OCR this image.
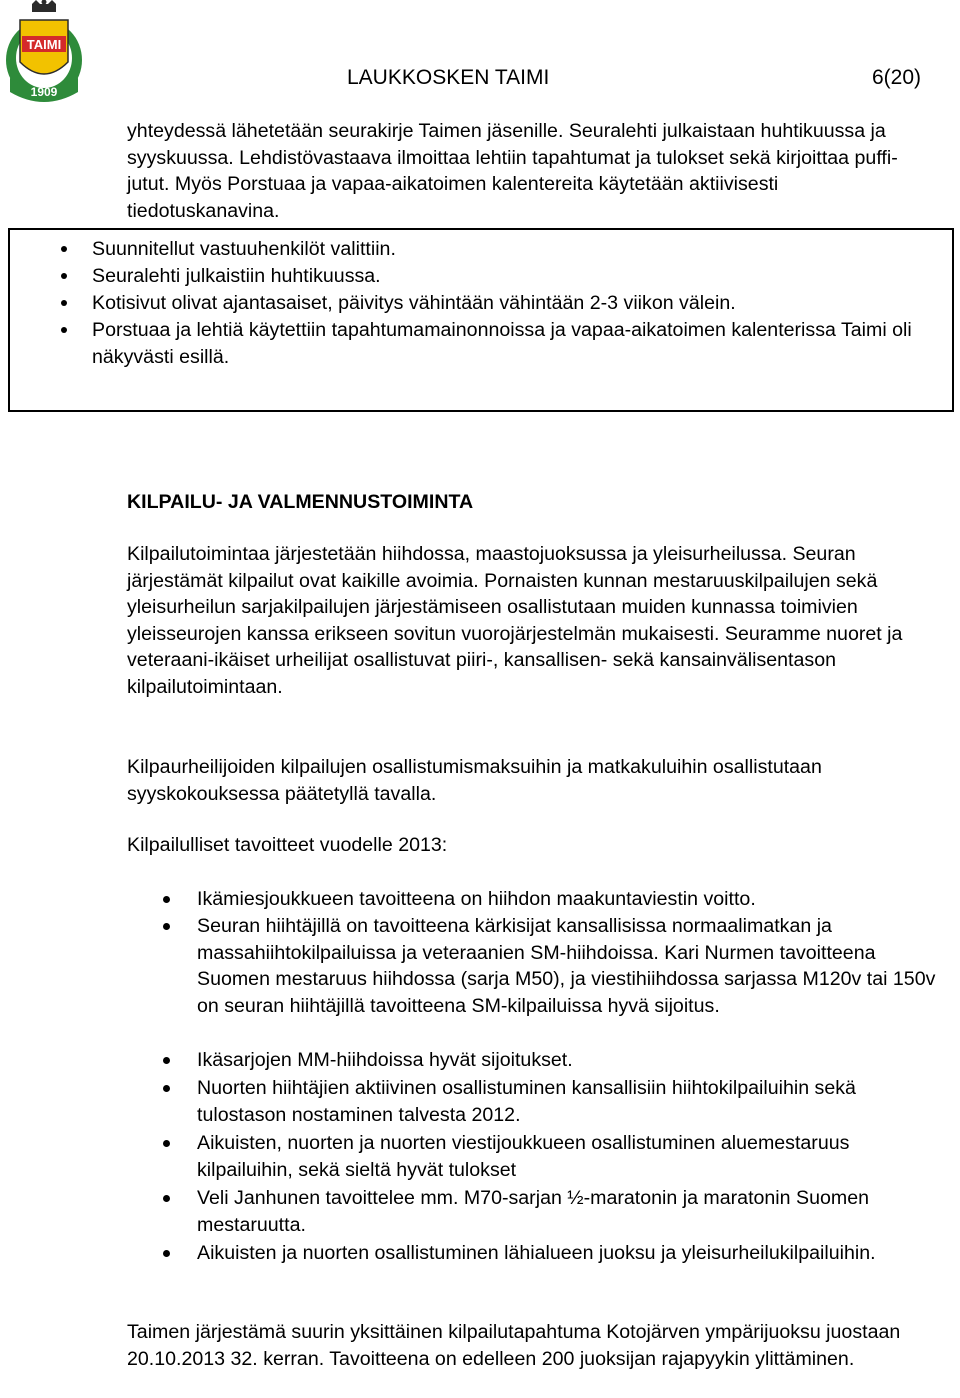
TAIMI
1909
LAUKKOSKEN TAIMI	6(20)

yhteydessä lähetetään seurakirje Taimen jäsenille. Seuralehti julkaistaan huhtikuussa ja syyskuussa. Lehdistövastaava ilmoittaa lehtiin tapahtumat ja tulokset sekä kirjoittaa puffi-jutut. Myös Porstuaa ja vapaa-aikatoimen kalentereita käytetään aktiivisesti tiedotuskanavina.

Suunnitellut vastuuhenkilöt valittiin.

Seuralehti julkaistiin huhtikuussa.

Kotisivut olivat ajantasaiset, päivitys vähintään vähintään 2-3 viikon välein.

Porstuaa ja lehtiä käytettiin tapahtumamainonnoissa ja vapaa-aikatoimen kalenterissa Taimi oli näkyvästi esillä.

KILPAILU- JA VALMENNUSTOIMINTA

Kilpailutoimintaa järjestetään hiihdossa, maastojuoksussa ja yleisurheilussa. Seuran järjestämät kilpailut ovat kaikille avoimia. Pornaisten kunnan mestaruuskilpailujen sekä yleisurheilun sarjakilpailujen järjestämiseen osallistutaan muiden kunnassa toimivien yleisseurojen kanssa erikseen sovitun vuorojärjestelmän mukaisesti. Seuramme nuoret ja veteraani-ikäiset urheilijat osallistuvat piiri-, kansallisen- sekä kansainvälisentason kilpailutoimintaan.

Kilpaurheilijoiden kilpailujen osallistumismaksuihin ja matkakuluihin osallistutaan syyskokouksessa päätetyllä tavalla.

Kilpailulliset tavoitteet vuodelle 2013:

Ikämiesjoukkueen tavoitteena on hiihdon maakuntaviestin voitto.

Seuran hiihtäjillä on tavoitteena kärkisijat kansallisissa normaalimatkan ja massahiihtokilpailuissa ja veteraanien SM-hiihdoissa. Kari Nurmen tavoitteena Suomen mestaruus hiihdossa (sarja M50), ja viestihiihdossa sarjassa M120v tai 150v on seuran hiihtäjillä tavoitteena SM-kilpailuissa hyvä sijoitus.

Ikäsarjojen MM-hiihdoissa hyvät sijoitukset.

Nuorten hiihtäjien aktiivinen osallistuminen kansallisiin hiihtokilpailuihin sekä tulostason nostaminen talvesta 2012.

Aikuisten, nuorten ja nuorten viestijoukkueen osallistuminen aluemestaruus kilpailuihin, sekä sieltä hyvät tulokset

Veli Janhunen tavoittelee mm. M70-sarjan ½-maratonin ja maratonin Suomen mestaruutta.

Aikuisten ja nuorten osallistuminen lähialueen juoksu ja yleisurheilukilpailuihin.

Taimen järjestämä suurin yksittäinen kilpailutapahtuma Kotojärven ympärijuoksu juostaan 20.10.2013 32. kerran. Tavoitteena on edelleen 200 juoksijan rajapyykin ylittäminen.
